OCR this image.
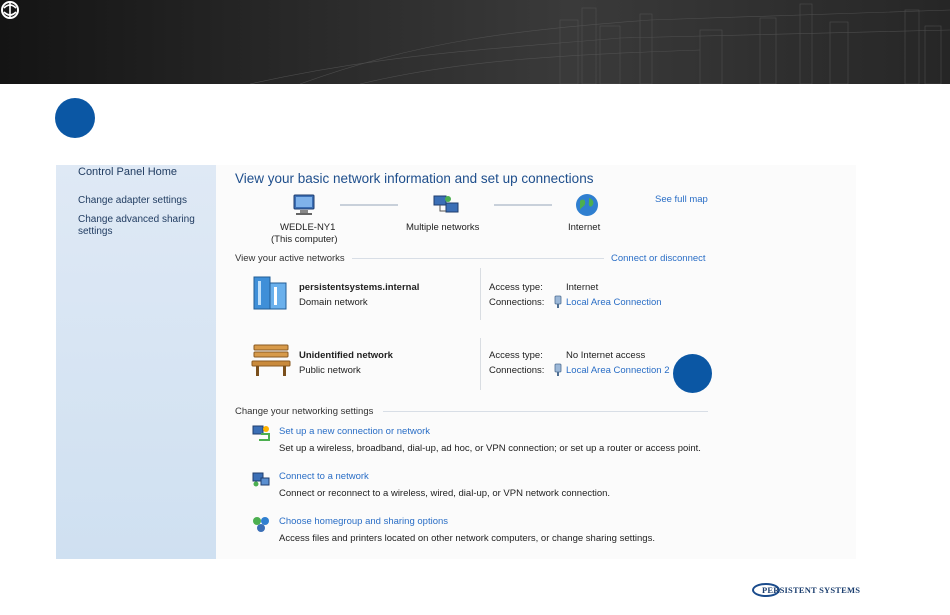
Control Panel Home
Change adapter settings
Change advanced sharing settings
View your basic network information and set up connections
See full map
WEDLE-NY1
(This computer)
Multiple networks	Internet
View your active networks	Connect or disconnect
persistentsystems.internal
Domain network
Access type: Internet
Connections: Local Area Connection
Unidentified network
Public network
Access type: No Internet access
Connections: Local Area Connection 2
Change your networking settings
Set up a new connection or network
Set up a wireless, broadband, dial-up, ad hoc, or VPN connection; or set up a router or access point.
Connect to a network
Connect or reconnect to a wireless, wired, dial-up, or VPN network connection.
Choose homegroup and sharing options
Access files and printers located on other network computers, or change sharing settings.
PERSISTENT SYSTEMS
